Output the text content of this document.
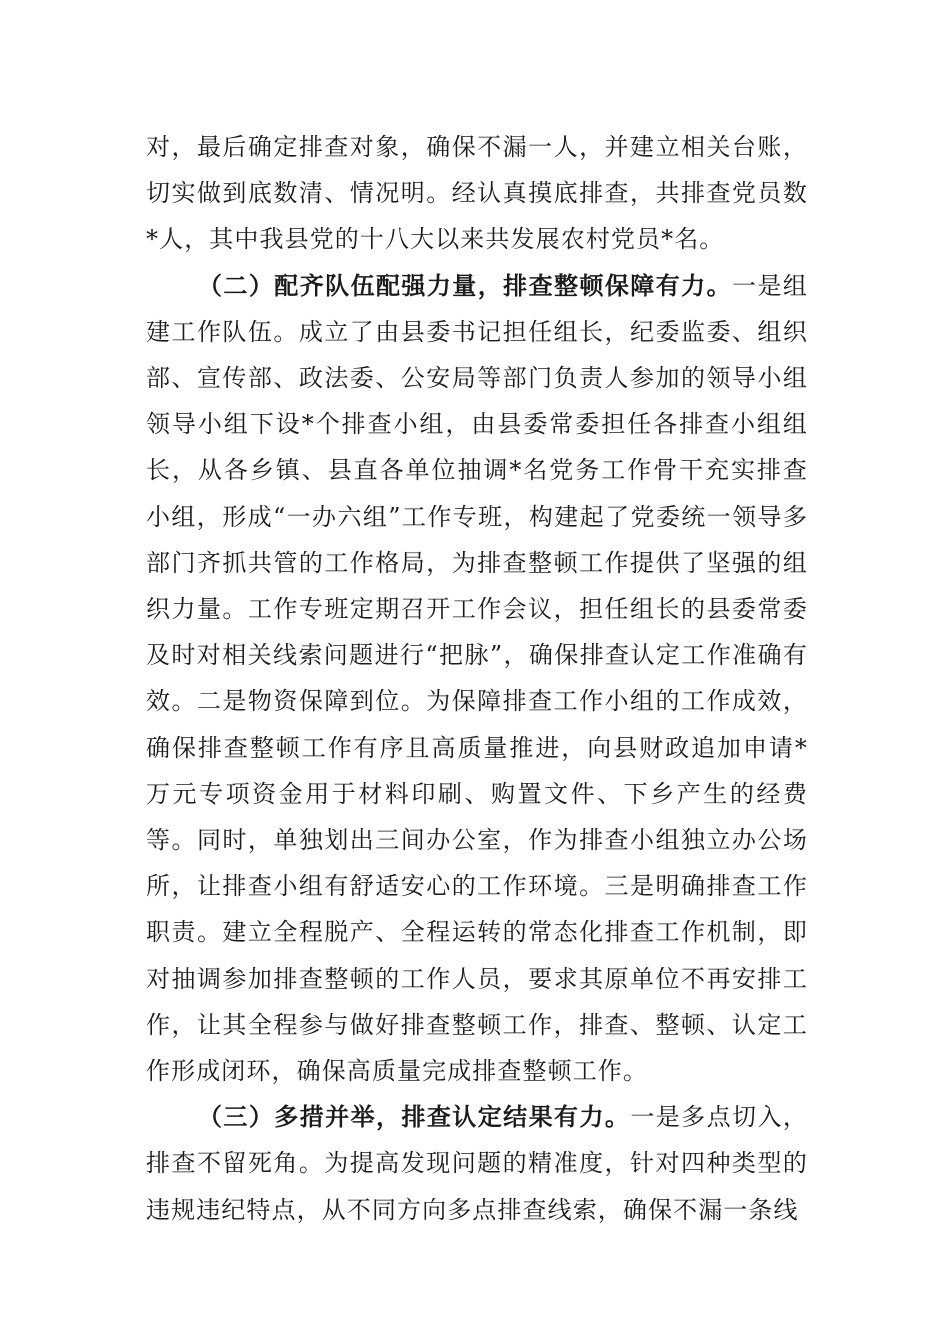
对，最后确定排查对象，确保不漏一人，并建立相关台账，切实做到底数清、情况明。经认真摸底排查，共排查党员数*人，其中我县党的十八大以来共发展农村党员*名。

（二）配齐队伍配强力量，排查整顿保障有力。一是组建工作队伍。成立了由县委书记担任组长，纪委监委、组织部、宣传部、政法委、公安局等部门负责人参加的领导小组领导小组下设*个排查小组，由县委常委担任各排查小组组长，从各乡镇、县直各单位抽调*名党务工作骨干充实排查小组，形成“一办六组”工作专班，构建起了党委统一领导多部门齐抓共管的工作格局，为排查整顿工作提供了坚强的组织力量。工作专班定期召开工作会议，担任组长的县委常委及时对相关线索问题进行“把脉”，确保排查认定工作准确有效。二是物资保障到位。为保障排查工作小组的工作成效，确保排查整顿工作有序且高质量推进，向县财政追加申请*万元专项资金用于材料印刷、购置文件、下乡产生的经费等。同时，单独划出三间办公室，作为排查小组独立办公场所，让排查小组有舒适安心的工作环境。三是明确排查工作职责。建立全程脱产、全程运转的常态化排查工作机制，即对抽调参加排查整顿的工作人员，要求其原单位不再安排工作，让其全程参与做好排查整顿工作，排查、整顿、认定工作形成闭环，确保高质量完成排查整顿工作。

（三）多措并举，排查认定结果有力。一是多点切入，排查不留死角。为提高发现问题的精准度，针对四种类型的违规违纪特点，从不同方向多点排查线索，确保不漏一条线
